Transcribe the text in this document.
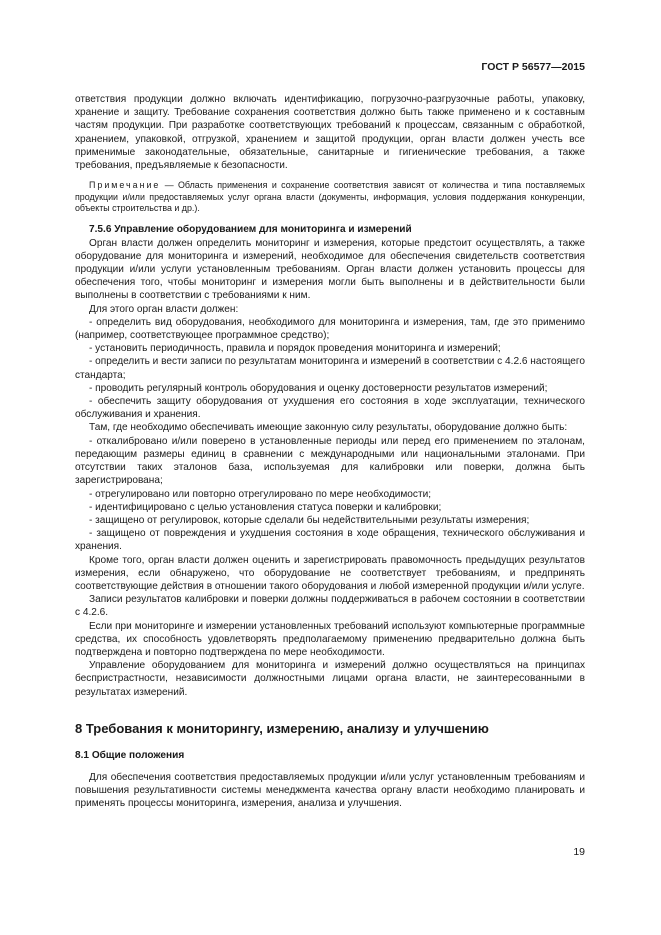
ГОСТ Р 56577—2015

ответствия продукции должно включать идентификацию, погрузочно-разгрузочные работы, упаковку, хранение и защиту. Требование сохранения соответствия должно быть также применено и к составным частям продукции. При разработке соответствующих требований к процессам, связанным с обработкой, хранением, упаковкой, отгрузкой, хранением и защитой продукции, орган власти должен учесть все применимые законодательные, обязательные, санитарные и гигиенические требования, а также требования, предъявляемые к безопасности.

Примечание — Область применения и сохранение соответствия зависят от количества и типа поставляемых продукции и/или предоставляемых услуг органа власти (документы, информация, условия поддержания конкуренции, объекты строительства и др.).

7.5.6 Управление оборудованием для мониторинга и измерений

Орган власти должен определить мониторинг и измерения, которые предстоит осуществлять, а также оборудование для мониторинга и измерений, необходимое для обеспечения свидетельств соответствия продукции и/или услуги установленным требованиям. Орган власти должен установить процессы для обеспечения того, чтобы мониторинг и измерения могли быть выполнены и в действительности были выполнены в соответствии с требованиями к ним.

Для этого орган власти должен:

- определить вид оборудования, необходимого для мониторинга и измерения, там, где это применимо (например, соответствующее программное средство);

- установить периодичность, правила и порядок проведения мониторинга и измерений;

- определить и вести записи по результатам мониторинга и измерений в соответствии с 4.2.6 настоящего стандарта;

- проводить регулярный контроль оборудования и оценку достоверности результатов измерений;

- обеспечить защиту оборудования от ухудшения его состояния в ходе эксплуатации, технического обслуживания и хранения.

Там, где необходимо обеспечивать имеющие законную силу результаты, оборудование должно быть:

- откалибровано и/или поверено в установленные периоды или перед его применением по эталонам, передающим размеры единиц в сравнении с международными или национальными эталонами. При отсутствии таких эталонов база, используемая для калибровки или поверки, должна быть зарегистрирована;

- отрегулировано или повторно отрегулировано по мере необходимости;

- идентифицировано с целью установления статуса поверки и калибровки;

- защищено от регулировок, которые сделали бы недействительными результаты измерения;

- защищено от повреждения и ухудшения состояния в ходе обращения, технического обслуживания и хранения.

Кроме того, орган власти должен оценить и зарегистрировать правомочность предыдущих результатов измерения, если обнаружено, что оборудование не соответствует требованиям, и предпринять соответствующие действия в отношении такого оборудования и любой измеренной продукции и/или услуге.

Записи результатов калибровки и поверки должны поддерживаться в рабочем состоянии в соответствии с 4.2.6.

Если при мониторинге и измерении установленных требований используют компьютерные программные средства, их способность удовлетворять предполагаемому применению предварительно должна быть подтверждена и повторно подтверждена по мере необходимости.

Управление оборудованием для мониторинга и измерений должно осуществляться на принципах беспристрастности, независимости должностными лицами органа власти, не заинтересованными в результатах измерений.

8 Требования к мониторингу, измерению, анализу и улучшению

8.1 Общие положения

Для обеспечения соответствия предоставляемых продукции и/или услуг установленным требованиям и повышения результативности системы менеджмента качества органу власти необходимо планировать и применять процессы мониторинга, измерения, анализа и улучшения.

19
